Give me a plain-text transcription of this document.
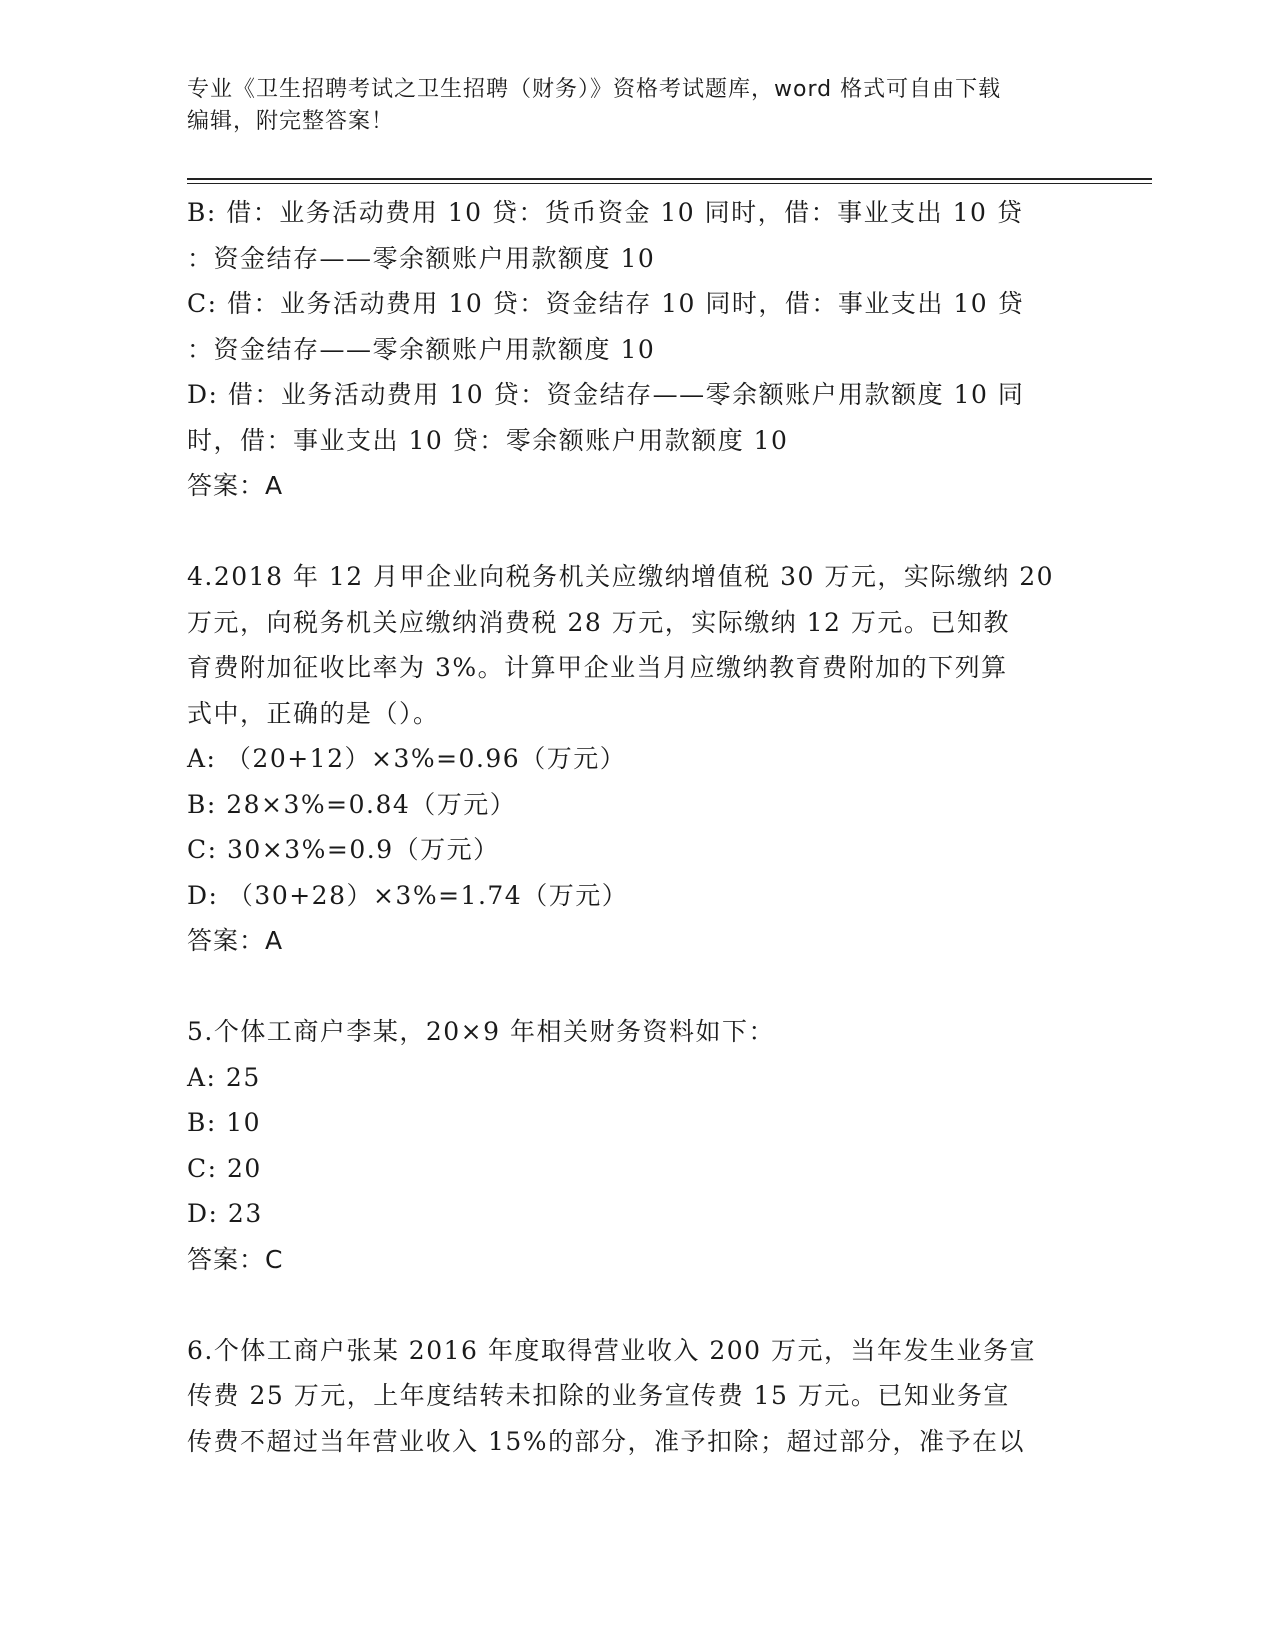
专业《卫生招聘考试之卫生招聘（财务）》资格考试题库，word 格式可自由下载
编辑，附完整答案！
B: 借：业务活动费用 10 贷：货币资金 10 同时，借：事业支出 10 贷
：资金结存——零余额账户用款额度 10
C: 借：业务活动费用 10 贷：资金结存 10 同时，借：事业支出 10 贷
：资金结存——零余额账户用款额度 10
D: 借：业务活动费用 10 贷：资金结存——零余额账户用款额度 10 同
时，借：事业支出 10 贷：零余额账户用款额度 10
答案：A
4.2018 年 12 月甲企业向税务机关应缴纳增值税 30 万元，实际缴纳 20
万元，向税务机关应缴纳消费税 28 万元，实际缴纳 12 万元。已知教
育费附加征收比率为 3%。计算甲企业当月应缴纳教育费附加的下列算
式中，正确的是（）。
A: （20+12）×3%=0.96（万元）
B: 28×3%=0.84（万元）
C: 30×3%=0.9（万元）
D: （30+28）×3%=1.74（万元）
答案：A
5.个体工商户李某，20×9 年相关财务资料如下：
A: 25
B: 10
C: 20
D: 23
答案：C
6.个体工商户张某 2016 年度取得营业收入 200 万元，当年发生业务宣
传费 25 万元，上年度结转未扣除的业务宣传费 15 万元。已知业务宣
传费不超过当年营业收入 15%的部分，准予扣除；超过部分，准予在以
